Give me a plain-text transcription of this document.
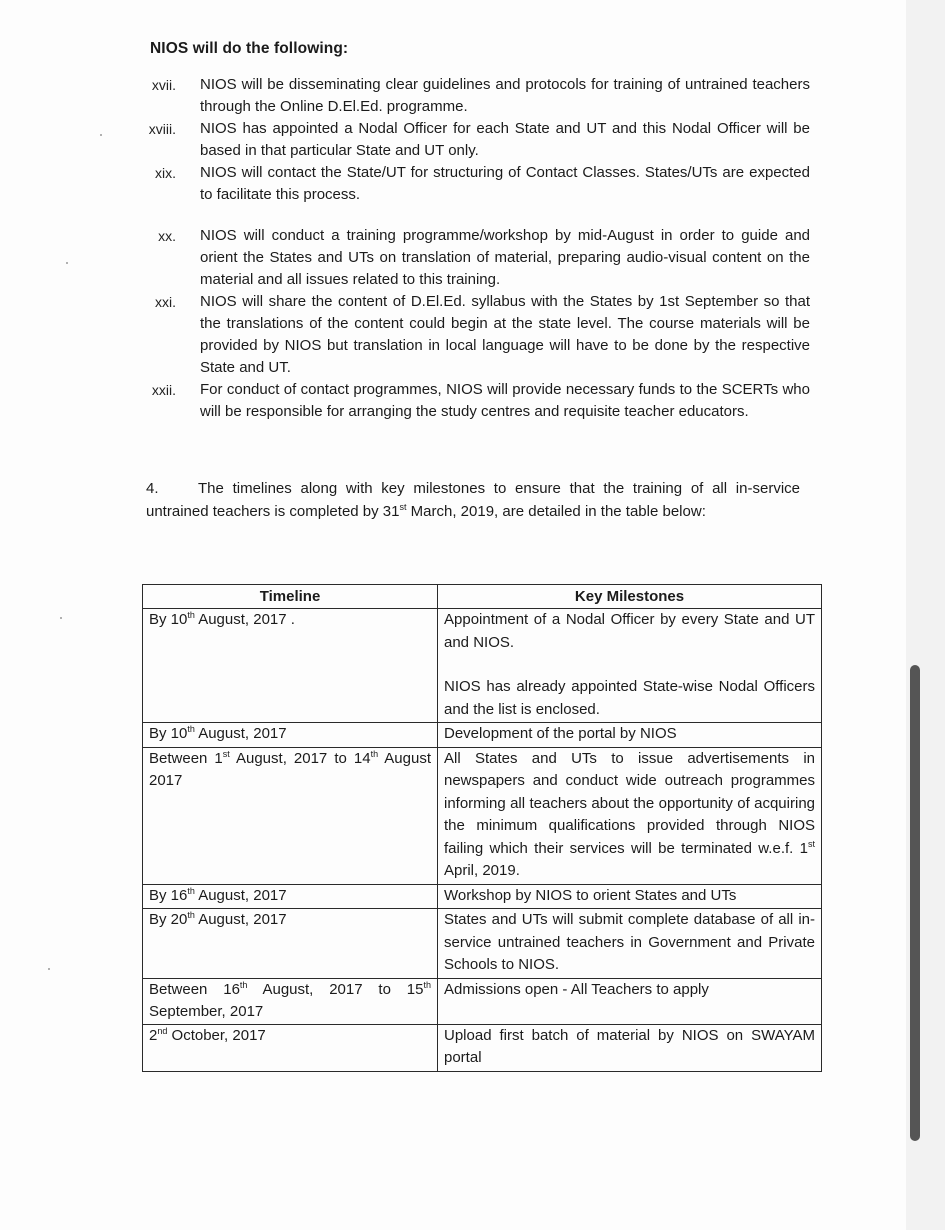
NIOS will do the following:
xvii. NIOS will be disseminating clear guidelines and protocols for training of untrained teachers through the Online D.El.Ed. programme.
xviii. NIOS has appointed a Nodal Officer for each State and UT and this Nodal Officer will be based in that particular State and UT only.
xix. NIOS will contact the State/UT for structuring of Contact Classes. States/UTs are expected to facilitate this process.
xx. NIOS will conduct a training programme/workshop by mid-August in order to guide and orient the States and UTs on translation of material, preparing audio-visual content on the material and all issues related to this training.
xxi. NIOS will share the content of D.El.Ed. syllabus with the States by 1st September so that the translations of the content could begin at the state level. The course materials will be provided by NIOS but translation in local language will have to be done by the respective State and UT.
xxii. For conduct of contact programmes, NIOS will provide necessary funds to the SCERTs who will be responsible for arranging the study centres and requisite teacher educators.
4.	The timelines along with key milestones to ensure that the training of all in-service untrained teachers is completed by 31st March, 2019, are detailed in the table below:
Timeline	Key Milestones
By 10th August, 2017 .	Appointment of a Nodal Officer by every State and UT and NIOS.
NIOS has already appointed State-wise Nodal Officers and the list is enclosed.

By 10th August, 2017	Development of the portal by NIOS
Between 1st August, 2017 to 14th August 2017	All States and UTs to issue advertisements in newspapers and conduct wide outreach programmes informing all teachers about the opportunity of acquiring the minimum qualifications provided through NIOS failing which their services will be terminated w.e.f. 1st April, 2019.
By 16th August, 2017	Workshop by NIOS to orient States and UTs
By 20th August, 2017	States and UTs will submit complete database of all in-service untrained teachers in Government and Private Schools to NIOS.
Between 16th August, 2017 to 15th September, 2017	Admissions open - All Teachers to apply
2nd October, 2017	Upload first batch of material by NIOS on SWAYAM portal
